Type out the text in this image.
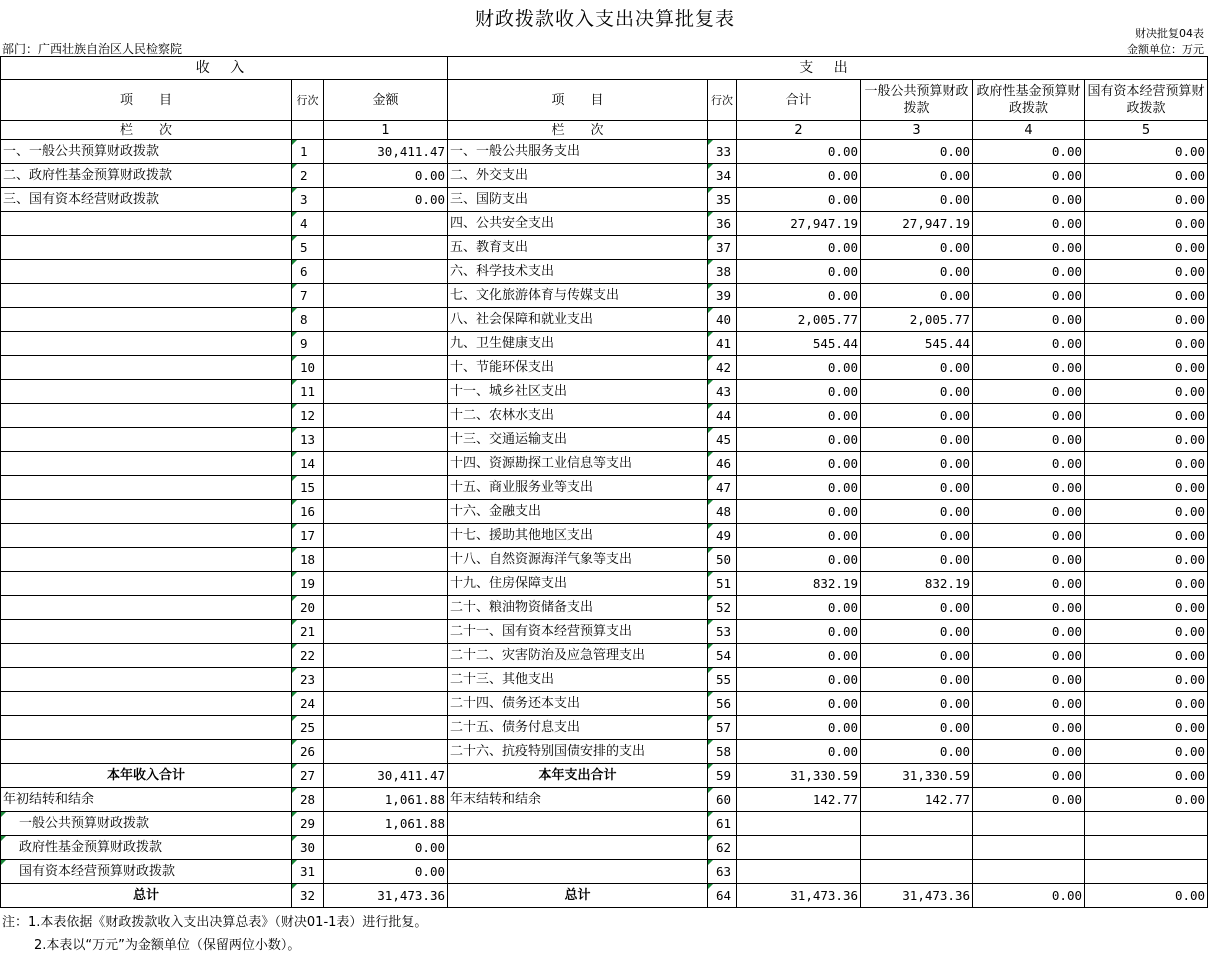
财政拨款收入支出决算批复表
财决批复04表
金额单位：万元
部门：广西壮族自治区人民检察院
收 入			支 出					
项　　目	行次	金额	项　　目	行次	合计	一般公共预算财政拨款	政府性基金预算财政拨款	国有资本经营预算财政拨款
栏　　次		1	栏　　次		2	3	4	5
一、一般公共预算财政拨款	1	30,411.47	一、一般公共服务支出	33	0.00	0.00	0.00	0.00
二、政府性基金预算财政拨款	2	0.00	二、外交支出	34	0.00	0.00	0.00	0.00
三、国有资本经营财政拨款	3	0.00	三、国防支出	35	0.00	0.00	0.00	0.00
	4		四、公共安全支出	36	27,947.19	27,947.19	0.00	0.00
	5		五、教育支出	37	0.00	0.00	0.00	0.00
	6		六、科学技术支出	38	0.00	0.00	0.00	0.00
	7		七、文化旅游体育与传媒支出	39	0.00	0.00	0.00	0.00
	8		八、社会保障和就业支出	40	2,005.77	2,005.77	0.00	0.00
	9		九、卫生健康支出	41	545.44	545.44	0.00	0.00
	10		十、节能环保支出	42	0.00	0.00	0.00	0.00
	11		十一、城乡社区支出	43	0.00	0.00	0.00	0.00
	12		十二、农林水支出	44	0.00	0.00	0.00	0.00
	13		十三、交通运输支出	45	0.00	0.00	0.00	0.00
	14		十四、资源勘探工业信息等支出	46	0.00	0.00	0.00	0.00
	15		十五、商业服务业等支出	47	0.00	0.00	0.00	0.00
	16		十六、金融支出	48	0.00	0.00	0.00	0.00
	17		十七、援助其他地区支出	49	0.00	0.00	0.00	0.00
	18		十八、自然资源海洋气象等支出	50	0.00	0.00	0.00	0.00
	19		十九、住房保障支出	51	832.19	832.19	0.00	0.00
	20		二十、粮油物资储备支出	52	0.00	0.00	0.00	0.00
	21		二十一、国有资本经营预算支出	53	0.00	0.00	0.00	0.00
	22		二十二、灾害防治及应急管理支出	54	0.00	0.00	0.00	0.00
	23		二十三、其他支出	55	0.00	0.00	0.00	0.00
	24		二十四、债务还本支出	56	0.00	0.00	0.00	0.00
	25		二十五、债务付息支出	57	0.00	0.00	0.00	0.00
	26		二十六、抗疫特别国债安排的支出	58	0.00	0.00	0.00	0.00
本年收入合计	27	30,411.47	本年支出合计	59	31,330.59	31,330.59	0.00	0.00
年初结转和结余	28	1,061.88	年末结转和结余	60	142.77	142.77	0.00	0.00
一般公共预算财政拨款	29	1,061.88		61				
政府性基金预算财政拨款	30	0.00		62				
国有资本经营预算财政拨款	31	0.00		63				
总计	32	31,473.36	总计	64	31,473.36	31,473.36	0.00	0.00
注：1.本表依据《财政拨款收入支出决算总表》（财决01-1表）进行批复。
2.本表以“万元”为金额单位（保留两位小数）。
